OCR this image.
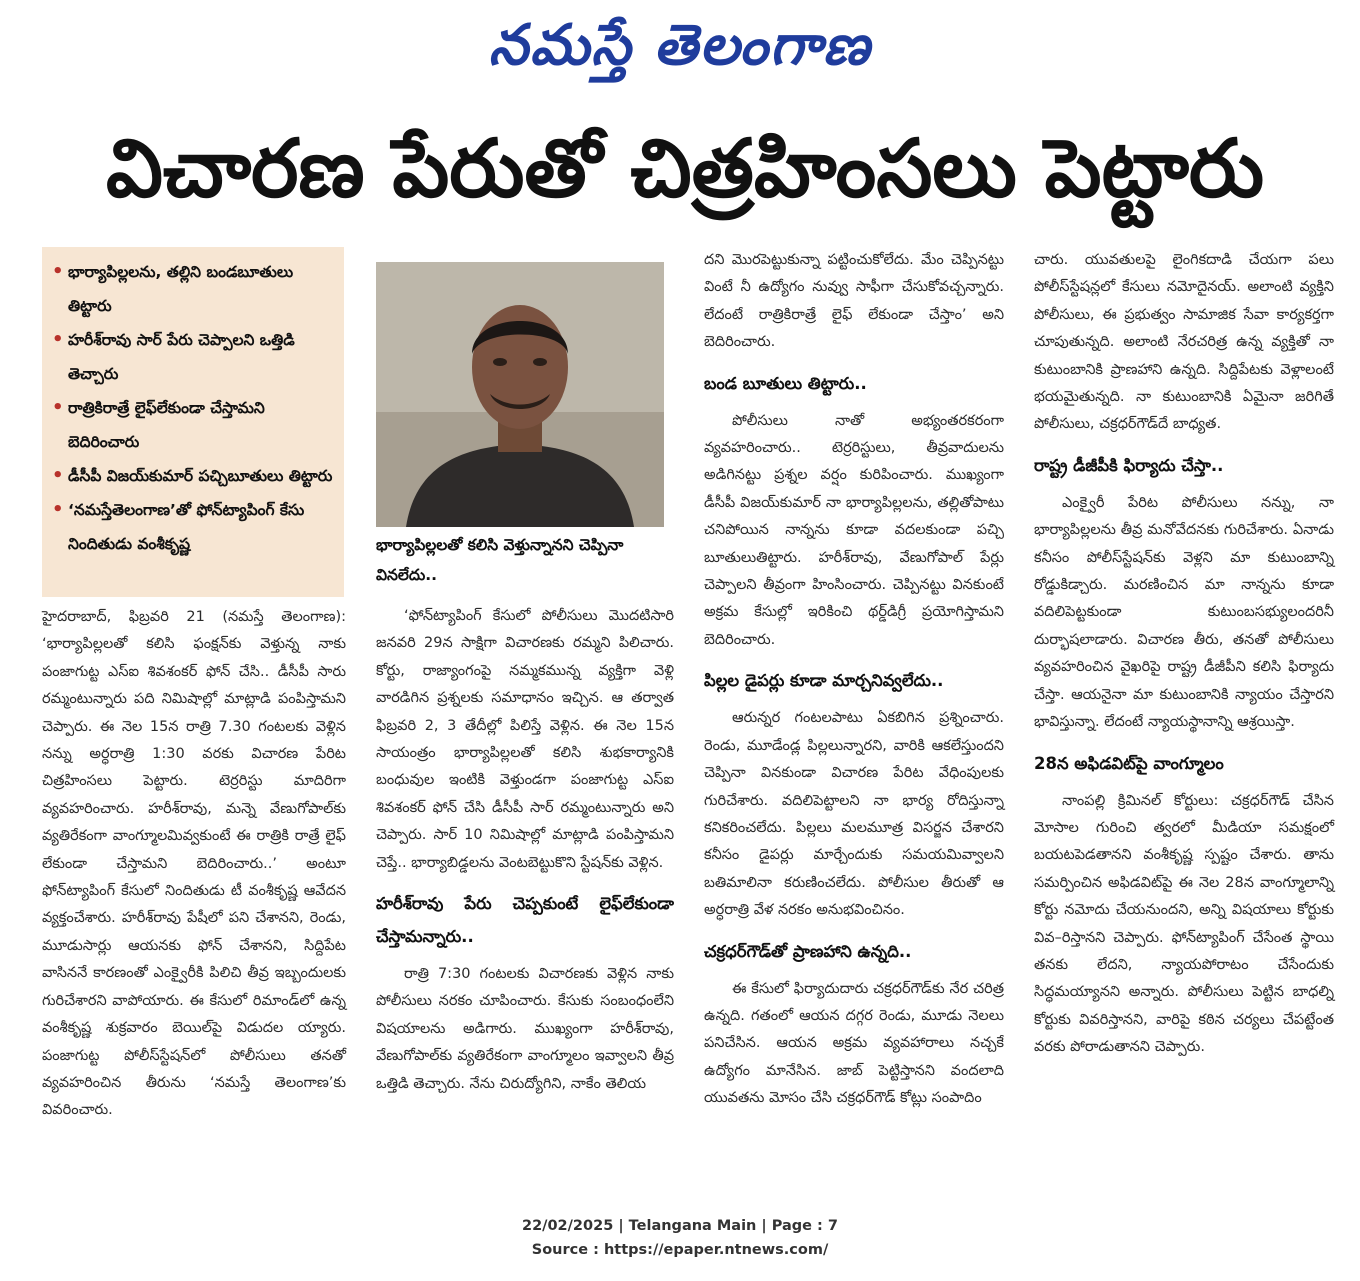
నమస్తే తెలంగాణ
విచారణ పేరుతో చిత్రహింసలు పెట్టారు
• భార్యాపిల్లలను, తల్లిని బండబూతులు తిట్టారు
• హరీశ్‌రావు సార్ పేరు చెప్పాలని ఒత్తిడి తెచ్చారు
• రాత్రికిరాత్రే లైఫ్‌లేకుండా చేస్తామని బెదిరించారు
• డీసీపీ విజయ్‌కుమార్ పచ్చిబూతులు తిట్టారు
• ‘నమస్తేతెలంగాణ’తో ఫోన్‌ట్యాపింగ్ కేసు నిందితుడు వంశీకృష్ణ

హైదరాబాద్, ఫిబ్రవరి 21 (నమస్తే తెలంగాణ): ‘భార్యాపిల్లలతో కలిసి ఫంక్షన్‌కు వెళ్తున్న నాకు పంజాగుట్ట ఎస్‌ఐ శివశంకర్ ఫోన్ చేసి.. డీసీపీ సారు రమ్మంటున్నారు పది నిమిషాల్లో మాట్లాడి పంపిస్తామని చెప్పారు. ఈ నెల 15న రాత్రి 7.30 గంటలకు వెళ్లిన నన్ను అర్ధరాత్రి 1:30 వరకు విచారణ పేరిట చిత్రహింసలు పెట్టారు. టెర్రరిస్టు మాదిరిగా వ్యవహరించారు. హరీశ్‌రావు, మన్నె వేణుగోపాల్‌కు వ్యతిరేకంగా వాంగ్మూలమివ్వకుంటే ఈ రాత్రికి రాత్రే లైఫ్ లేకుండా చేస్తామని బెదిరించారు..’ అంటూ ఫోన్‌ట్యాపింగ్ కేసులో నిందితుడు టీ వంశీకృష్ణ ఆవేదన వ్యక్తంచేశారు. హరీశ్‌రావు పేషీలో పని చేశానని, రెండు, మూడుసార్లు ఆయనకు ఫోన్ చేశానని, సిద్దిపేట వాసిననే కారణంతో ఎంక్వైరీకి పిలిచి తీవ్ర ఇబ్బందులకు గురిచేశారని వాపోయారు. ఈ కేసులో రిమాండ్‌లో ఉన్న వంశీకృష్ణ శుక్రవారం బెయిల్‌పై విడుదల య్యారు. పంజాగుట్ట పోలీస్‌స్టేషన్‌లో పోలీసులు తనతో వ్యవహరించిన తీరును ‘నమస్తే తెలంగాణ’కు వివరించారు.

భార్యాపిల్లలతో కలిసి వెళ్తున్నానని చెప్పినా వినలేదు..

‘ఫోన్‌ట్యాపింగ్ కేసులో పోలీసులు మొదటిసారి జనవరి 29న సాక్షిగా విచారణకు రమ్మని పిలిచారు. కోర్టు, రాజ్యాంగంపై నమ్మకమున్న వ్యక్తిగా వెళ్లి వారడిగిన ప్రశ్నలకు సమాధానం ఇచ్చిన. ఆ తర్వాత ఫిబ్రవరి 2, 3 తేదీల్లో పిలిస్తే వెళ్లిన. ఈ నెల 15న సాయంత్రం భార్యాపిల్లలతో కలిసి శుభకార్యానికి బంధువుల ఇంటికి వెళ్తుండగా పంజాగుట్ట ఎస్‌ఐ శివశంకర్ ఫోన్ చేసి డీసీపీ సార్ రమ్మంటున్నారు అని చెప్పారు. సార్ 10 నిమిషాల్లో మాట్లాడి పంపిస్తామని చెప్తే.. భార్యాబిడ్డలను వెంటబెట్టుకొని స్టేషన్‌కు వెళ్లిన.

హరీశ్‌రావు పేరు చెప్పకుంటే లైఫ్‌లేకుండా చేస్తామన్నారు..

రాత్రి 7:30 గంటలకు విచారణకు వెళ్లిన నాకు పోలీసులు నరకం చూపించారు. కేసుకు సంబంధంలేని విషయాలను అడిగారు. ముఖ్యంగా హరీశ్‌రావు, వేణుగోపాల్‌కు వ్యతిరేకంగా వాంగ్మూలం ఇవ్వాలని తీవ్ర ఒత్తిడి తెచ్చారు. నేను చిరుద్యోగిని, నాకేం తెలియ

దని మొరపెట్టుకున్నా పట్టించుకోలేదు. మేం చెప్పినట్టు వింటే నీ ఉద్యోగం నువ్వు సాఫీగా చేసుకోవచ్చన్నారు. లేదంటే రాత్రికిరాత్రే లైఫ్ లేకుండా చేస్తాం’ అని బెదిరించారు.

బండ బూతులు తిట్టారు..

పోలీసులు నాతో అభ్యంతరకరంగా వ్యవహరించారు.. టెర్రరిస్టులు, తీవ్రవాదులను అడిగినట్టు ప్రశ్నల వర్షం కురిపించారు. ముఖ్యంగా డీసీపీ విజయ్‌కుమార్ నా భార్యాపిల్లలను, తల్లితోపాటు చనిపోయిన నాన్నను కూడా వదలకుండా పచ్చి బూతులుతిట్టారు. హరీశ్‌రావు, వేణుగోపాల్ పేర్లు చెప్పాలని తీవ్రంగా హింసించారు. చెప్పినట్టు వినకుంటే అక్రమ కేసుల్లో ఇరికించి థర్డ్‌డిగ్రీ ప్రయోగిస్తామని బెదిరించారు.

పిల్లల డైపర్లు కూడా మార్చనివ్వలేదు..

ఆరున్నర గంటలపాటు ఏకబిగిన ప్రశ్నించారు. రెండు, మూడేండ్ల పిల్లలున్నారని, వారికి ఆకలేస్తుందని చెప్పినా వినకుండా విచారణ పేరిట వేధింపులకు గురిచేశారు. వదిలిపెట్టాలని నా భార్య రోదిస్తున్నా కనికరించలేదు. పిల్లలు మలమూత్ర విసర్జన చేశారని కనీసం డైపర్లు మార్చేందుకు సమయమివ్వాలని బతిమాలినా కరుణించలేదు. పోలీసుల తీరుతో ఆ అర్ధరాత్రి వేళ నరకం అనుభవించినం.

చక్రధర్‌గౌడ్‌తో ప్రాణహాని ఉన్నది..

ఈ కేసులో ఫిర్యాదుదారు చక్రధర్‌గౌడ్‌కు నేర చరిత్ర ఉన్నది. గతంలో ఆయన దగ్గర రెండు, మూడు నెలలు పనిచేసిన. ఆయన అక్రమ వ్యవహారాలు నచ్చకే ఉద్యోగం మానేసిన. జాబ్ పెట్టిస్తానని వందలాది యువతను మోసం చేసి చక్రధర్‌గౌడ్ కోట్లు సంపాదిం

చారు. యువతులపై లైంగికదాడి చేయగా పలు పోలీస్‌స్టేషన్లలో కేసులు నమోదైనయ్. అలాంటి వ్యక్తిని పోలీసులు, ఈ ప్రభుత్వం సామాజిక సేవా కార్యకర్తగా చూపుతున్నది. అలాంటి నేరచరిత్ర ఉన్న వ్యక్తితో నా కుటుంబానికి ప్రాణహాని ఉన్నది. సిద్దిపేటకు వెళ్లాలంటే భయమైతున్నది. నా కుటుంబానికి ఏమైనా జరిగితే పోలీసులు, చక్రధర్‌గౌడ్‌దే బాధ్యత.

రాష్ట్ర డీజీపీకి ఫిర్యాదు చేస్తా..

ఎంక్వైరీ పేరిట పోలీసులు నన్ను, నా భార్యాపిల్లలను తీవ్ర మనోవేదనకు గురిచేశారు. ఏనాడు కనీసం పోలీస్‌స్టేషన్‌కు వెళ్లని మా కుటుంబాన్ని రోడ్డుకిడ్చారు. మరణించిన మా నాన్నను కూడా వదిలిపెట్టకుండా కుటుంబసభ్యులందరినీ దుర్భాషలాడారు. విచారణ తీరు, తనతో పోలీసులు వ్యవహరించిన వైఖరిపై రాష్ట్ర డీజీపీని కలిసి ఫిర్యాదు చేస్తా. ఆయనైనా మా కుటుంబానికి న్యాయం చేస్తారని భావిస్తున్నా. లేదంటే న్యాయస్థానాన్ని ఆశ్రయిస్తా.

28న అఫిడవిట్‌పై వాంగ్మూలం

నాంపల్లి క్రిమినల్ కోర్టులు: చక్రధర్‌గౌడ్ చేసిన మోసాల గురించి త్వరలో మీడియా సమక్షంలో బయటపెడతానని వంశీకృష్ణ స్పష్టం చేశారు. తాను సమర్పించిన అఫిడవిట్‌పై ఈ నెల 28న వాంగ్మూలాన్ని కోర్టు నమోదు చేయనుందని, అన్ని విషయాలు కోర్టుకు వివ–రిస్తానని చెప్పారు. ఫోన్‌ట్యాపింగ్ చేసేంత స్థాయి తనకు లేదని, న్యాయపోరాటం చేసేందుకు సిద్ధమయ్యానని అన్నారు. పోలీసులు పెట్టిన బాధల్ని కోర్టుకు వివరిస్తానని, వారిపై కఠిన చర్యలు చేపట్టేంత వరకు పోరాడుతానని చెప్పారు.

22/02/2025 | Telangana Main | Page : 7
Source : https://epaper.ntnews.com/
